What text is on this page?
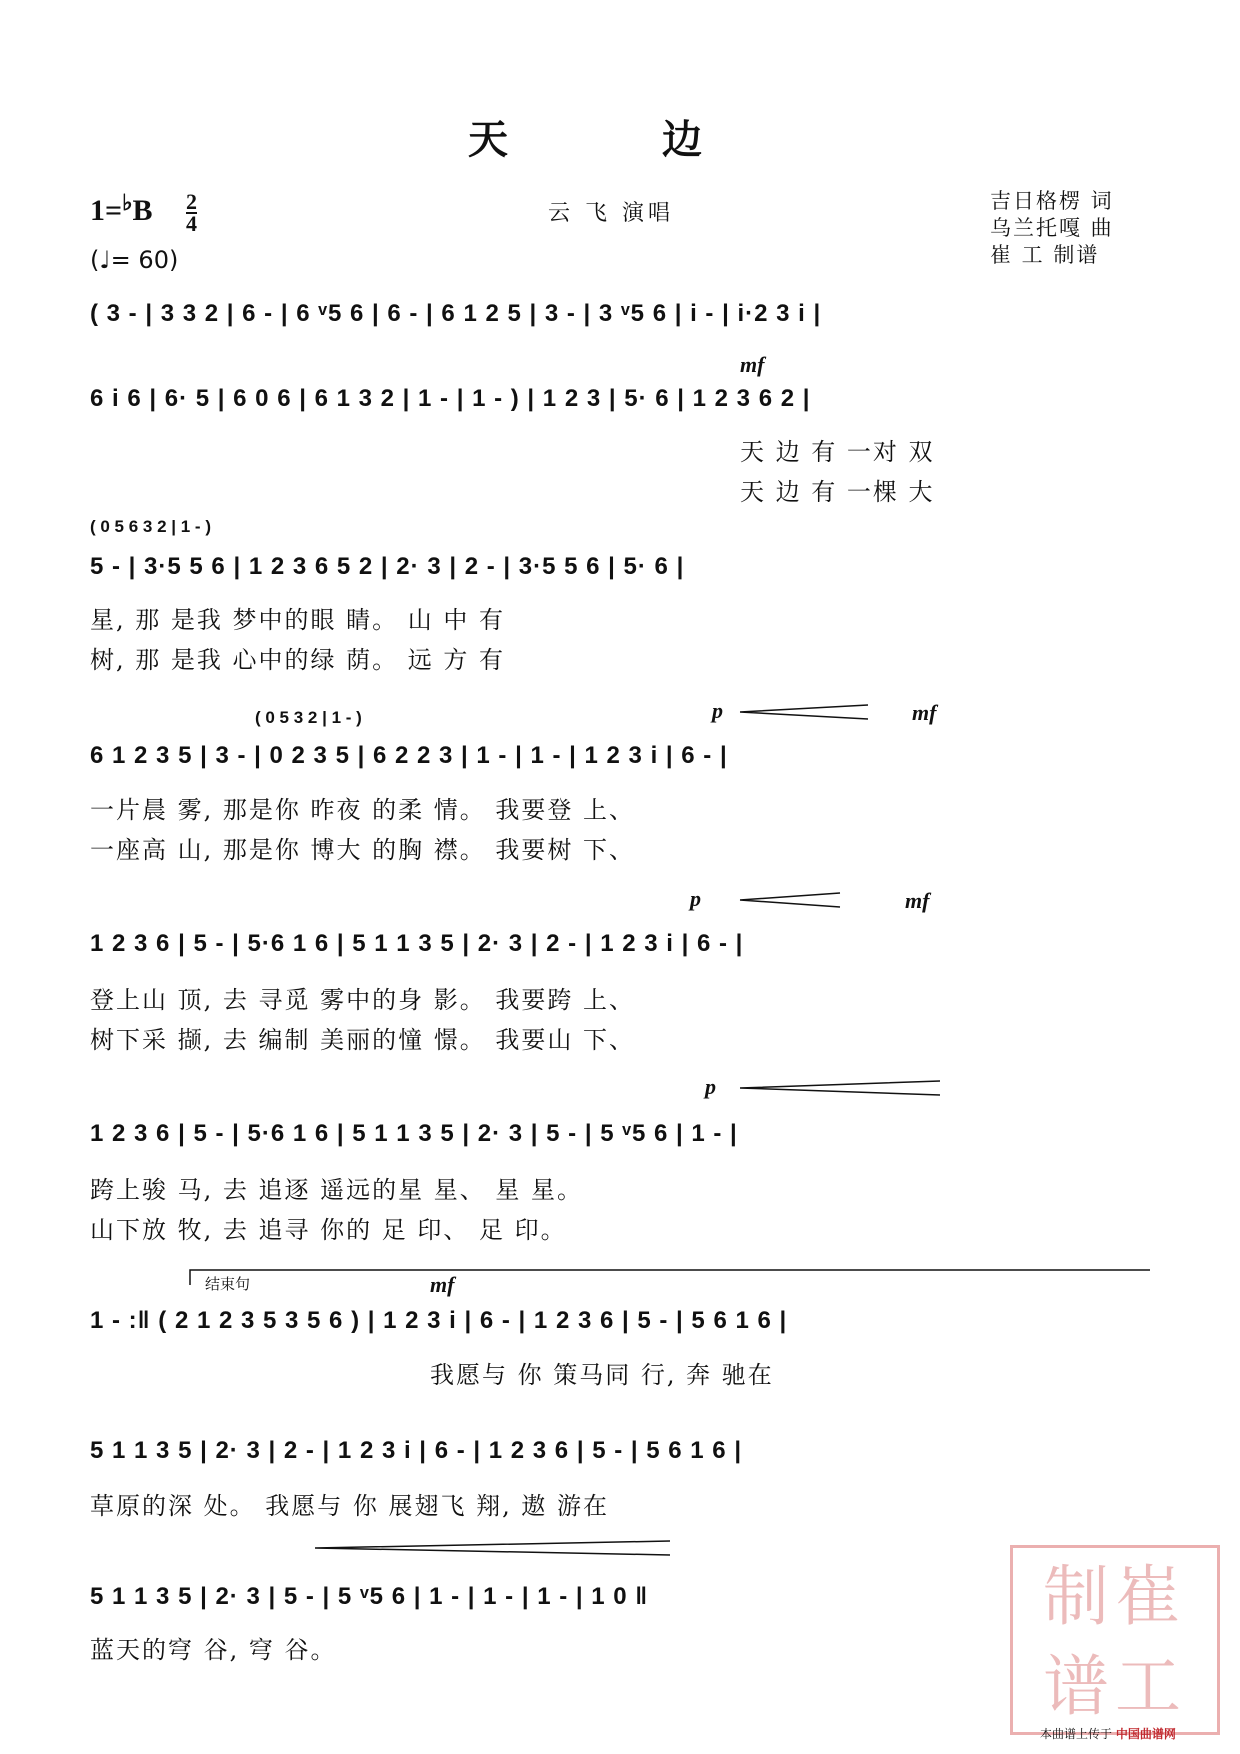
天 边
1=♭B 2
4
(♩= 60)
云 飞 演唱	吉日格楞 词
乌兰托嘎 曲
崔 工 制谱
( 3 - | 3 3 2 | 6 - | 6 ᵛ5 6 | 6 - | 6 1 2 5 | 3 - | 3 ᵛ5 6 | i - | i·2 3 i |
mf
6 i 6 | 6· 5 | 6 0 6 | 6 1 3 2 | 1 - | 1 - ) | 1 2 3 | 5· 6 | 1 2 3 6 2 |
天 边 有 一对 双
天 边 有 一棵 大
( 0 5 6 3 2 | 1 - )
5 - | 3·5 5 6 | 1 2 3 6 5 2 | 2· 3 | 2 - | 3·5 5 6 | 5· 6 |
星, 那 是我 梦中的眼 睛。 山 中 有
树, 那 是我 心中的绿 荫。 远 方 有
( 0 5 3 2 | 1 - )	p	mf
6 1 2 3 5 | 3 - | 0 2 3 5 | 6 2 2 3 | 1 - | 1 - | 1 2 3 i | 6 - |
一片晨 雾, 那是你 昨夜 的柔 情。 我要登 上、
一座高 山, 那是你 博大 的胸 襟。 我要树 下、
p	mf
1 2 3 6 | 5 - | 5·6 1 6 | 5 1 1 3 5 | 2· 3 | 2 - | 1 2 3 i | 6 - |
登上山 顶, 去 寻觅 雾中的身 影。 我要跨 上、
树下采 撷, 去 编制 美丽的憧 憬。 我要山 下、
p
1 2 3 6 | 5 - | 5·6 1 6 | 5 1 1 3 5 | 2· 3 | 5 - | 5 ᵛ5 6 | 1 - |
跨上骏 马, 去 追逐 遥远的星 星、 星 星。
山下放 牧, 去 追寻 你的 足 印、 足 印。
结束句	mf
1 - :‖ ( 2 1 2 3 5 3 5 6 ) | 1 2 3 i | 6 - | 1 2 3 6 | 5 - | 5 6 1 6 |
我愿与 你 策马同 行, 奔 驰在
5 1 1 3 5 | 2· 3 | 2 - | 1 2 3 i | 6 - | 1 2 3 6 | 5 - | 5 6 1 6 |
草原的深 处。 我愿与 你 展翅飞 翔, 遨 游在
5 1 1 3 5 | 2· 3 | 5 - | 5 ᵛ5 6 | 1 - | 1 - | 1 - | 1 0 ‖
蓝天的穹 谷, 穹 谷。
制崔
谱工
本曲谱上传于 中国曲谱网
